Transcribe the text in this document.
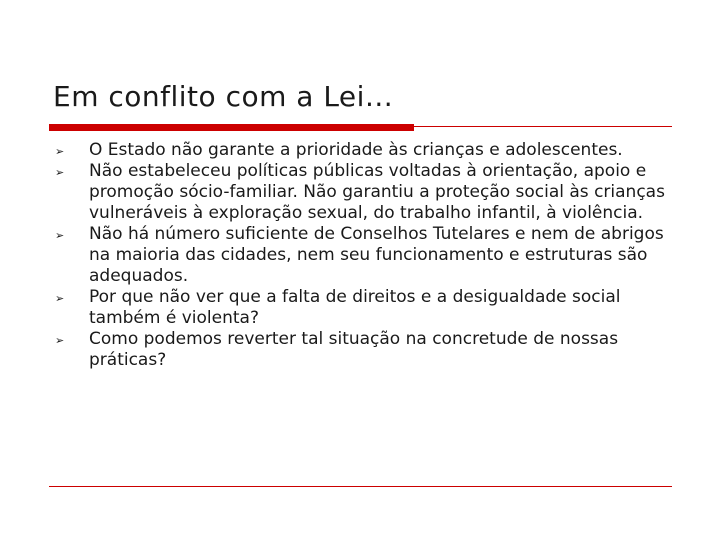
Em conflito com a Lei...
➢ O Estado não garante a prioridade às crianças e adolescentes.
➢ Não estabeleceu políticas públicas voltadas à orientação, apoio e promoção sócio-familiar. Não garantiu a proteção social às crianças vulneráveis à exploração sexual, do trabalho infantil, à violência.
➢ Não há número suficiente de Conselhos Tutelares e nem de abrigos na maioria das cidades, nem seu funcionamento e estruturas são adequados.
➢ Por que não ver que a falta de direitos e a desigualdade social também é violenta?
➢ Como podemos reverter tal situação na concretude de nossas práticas?
